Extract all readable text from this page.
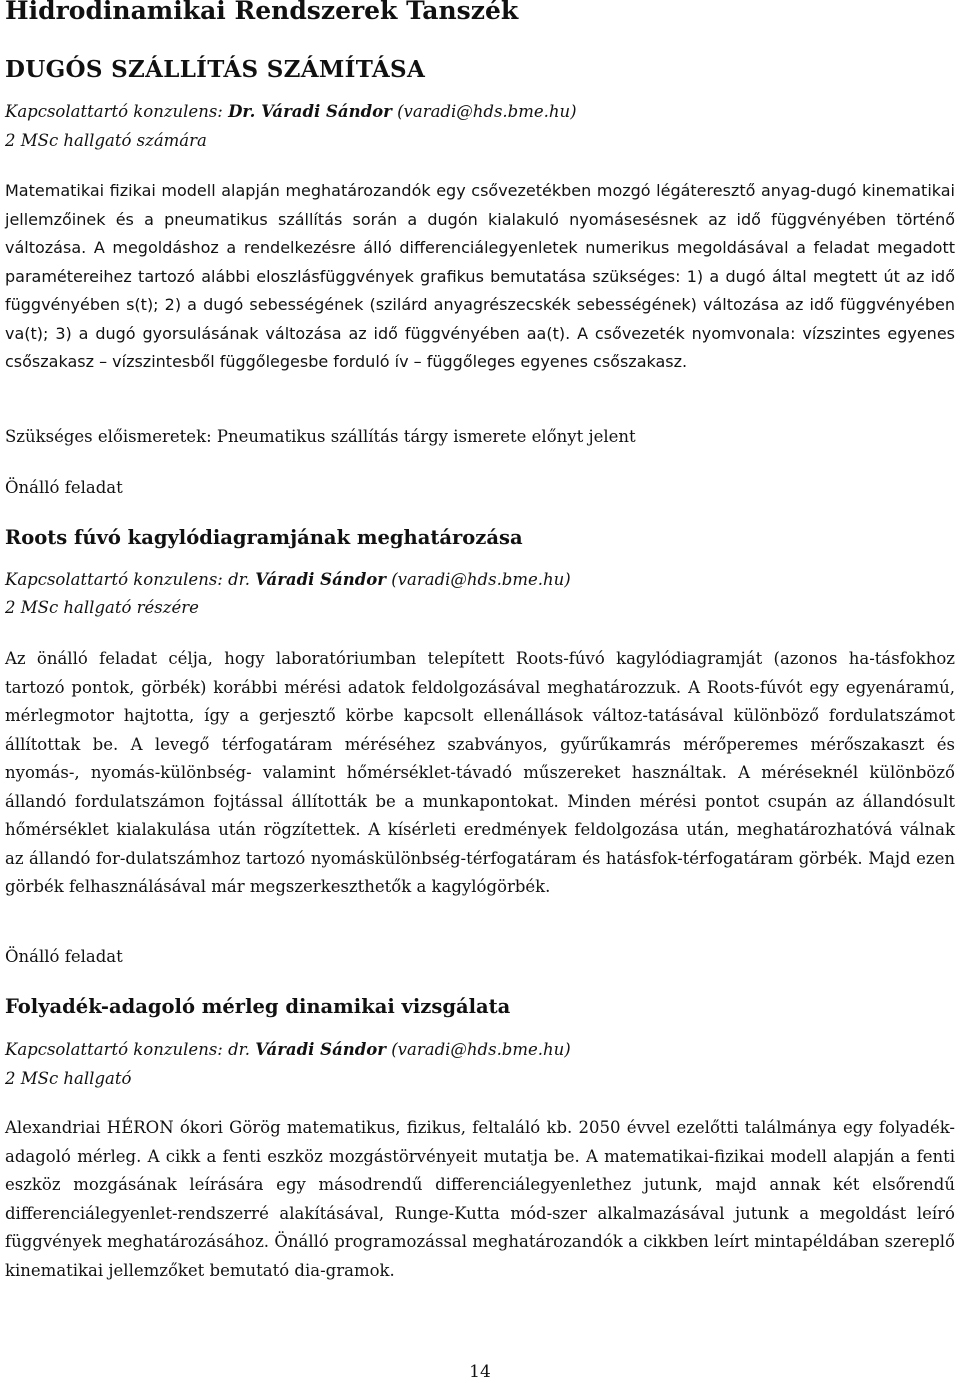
Hidrodinamikai Rendszerek Tanszék
DUGÓS SZÁLLÍTÁS SZÁMÍTÁSA
Kapcsolattartó konzulens: Dr. Váradi Sándor (varadi@hds.bme.hu)
2 MSc hallgató számára

Matematikai fizikai modell alapján meghatározandók egy csővezetékben mozgó légáteresztő anyag-dugó kinematikai jellemzőinek és a pneumatikus szállítás során a dugón kialakuló nyomásesésnek az idő függvényében történő változása. A megoldáshoz a rendelkezésre álló differenciálegyenletek numerikus megoldásával a feladat megadott paramétereihez tartozó alábbi eloszlásfüggvények grafikus bemutatása szükséges: 1) a dugó által megtett út az idő függvényében s(t); 2) a dugó sebességének (szilárd anyagrészecskék sebességének) változása az idő függvényében va(t); 3) a dugó gyorsulásának változása az idő függvényében aa(t). A csővezeték nyomvonala: vízszintes egyenes csőszakasz – vízszintesből függőlegesbe forduló ív – függőleges egyenes csőszakasz.

Szükséges előismeretek: Pneumatikus szállítás tárgy ismerete előnyt jelent
Önálló feladat
Roots fúvó kagylódiagramjának meghatározása
Kapcsolattartó konzulens: dr. Váradi Sándor (varadi@hds.bme.hu)
2 MSc hallgató részére

Az önálló feladat célja, hogy laboratóriumban telepített Roots-fúvó kagylódiagramját (azonos ha-tásfokhoz tartozó pontok, görbék) korábbi mérési adatok feldolgozásával meghatározzuk. A Roots-fúvót egy egyenáramú, mérlegmotor hajtotta, így a gerjesztő körbe kapcsolt ellenállások változ-tatásával különböző fordulatszámot állítottak be. A levegő térfogatáram méréséhez szabványos, gyűrűkamrás mérőperemes mérőszakaszt és nyomás-, nyomás-különbség- valamint hőmérséklet-távadó műszereket használtak. A méréseknél különböző állandó fordulatszámon fojtással állították be a munkapontokat. Minden mérési pontot csupán az állandósult hőmérséklet kialakulása után rögzítettek. A kísérleti eredmények feldolgozása után, meghatározhatóvá válnak az állandó for-dulatszámhoz tartozó nyomáskülönbség-térfogatáram és hatásfok-térfogatáram görbék. Majd ezen görbék felhasználásával már megszerkeszthetők a kagylógörbék.

Önálló feladat
Folyadék-adagoló mérleg dinamikai vizsgálata
Kapcsolattartó konzulens: dr. Váradi Sándor (varadi@hds.bme.hu)
2 MSc hallgató

Alexandriai HÉRON ókori Görög matematikus, fizikus, feltaláló kb. 2050 évvel ezelőtti találmánya egy folyadék-adagoló mérleg. A cikk a fenti eszköz mozgástörvényeit mutatja be. A matematikai-fizikai modell alapján a fenti eszköz mozgásának leírására egy másodrendű differenciálegyenlethez jutunk, majd annak két elsőrendű differenciálegyenlet-rendszerré alakításával, Runge-Kutta mód-szer alkalmazásával jutunk a megoldást leíró függvények meghatározásához. Önálló programozással meghatározandók a cikkben leírt mintapéldában szereplő kinematikai jellemzőket bemutató dia-gramok.

14
